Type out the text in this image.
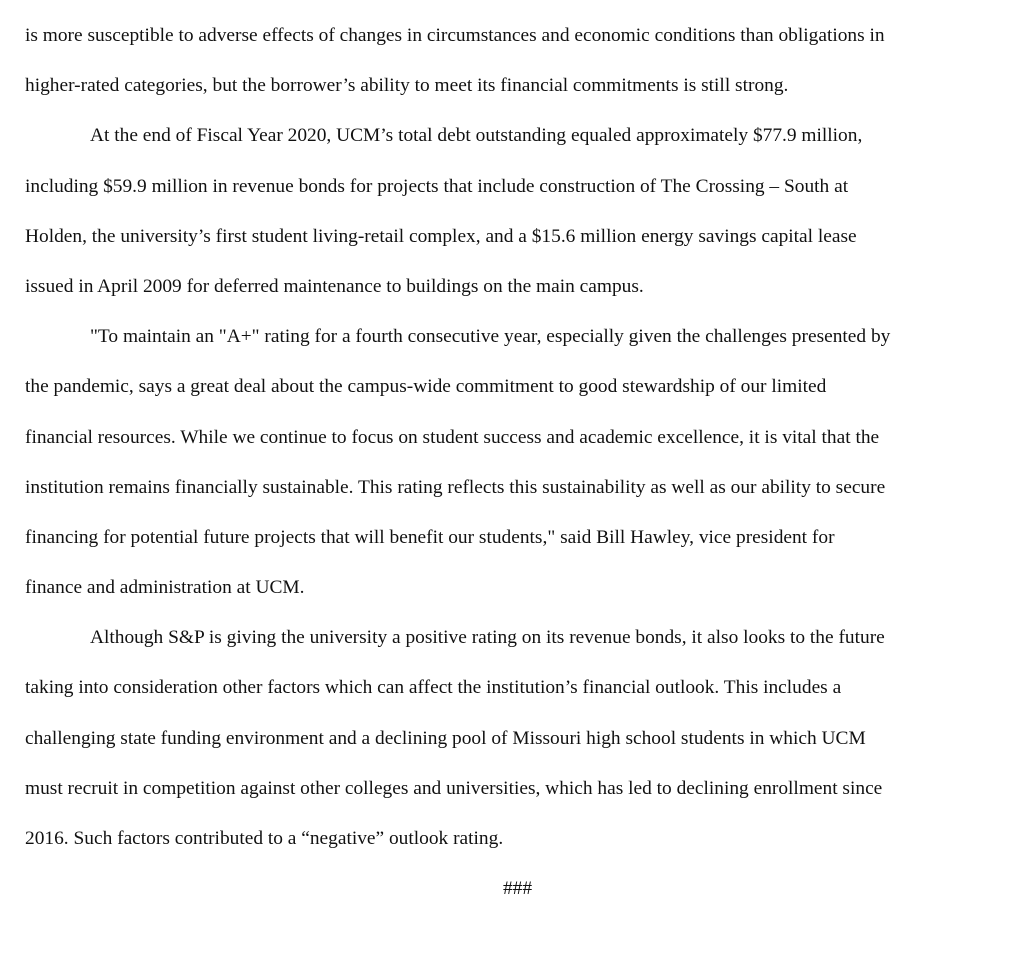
is more susceptible to adverse effects of changes in circumstances and economic conditions than obligations in
higher-rated categories, but the borrower’s ability to meet its financial commitments is still strong.
At the end of Fiscal Year 2020, UCM’s total debt outstanding equaled approximately $77.9 million,
including $59.9 million in revenue bonds for projects that include construction of The Crossing – South at
Holden, the university’s first student living-retail complex, and a $15.6 million energy savings capital lease
issued in April 2009 for deferred maintenance to buildings on the main campus.
"To maintain an "A+" rating for a fourth consecutive year, especially given the challenges presented by
the pandemic, says a great deal about the campus-wide commitment to good stewardship of our limited
financial resources. While we continue to focus on student success and academic excellence, it is vital that the
institution remains financially sustainable. This rating reflects this sustainability as well as our ability to secure
financing for potential future projects that will benefit our students," said Bill Hawley, vice president for
finance and administration at UCM.
Although S&P is giving the university a positive rating on its revenue bonds, it also looks to the future
taking into consideration other factors which can affect the institution’s financial outlook. This includes a
challenging state funding environment and a declining pool of Missouri high school students in which UCM
must recruit in competition against other colleges and universities, which has led to declining enrollment since
2016. Such factors contributed to a “negative” outlook rating.
###
